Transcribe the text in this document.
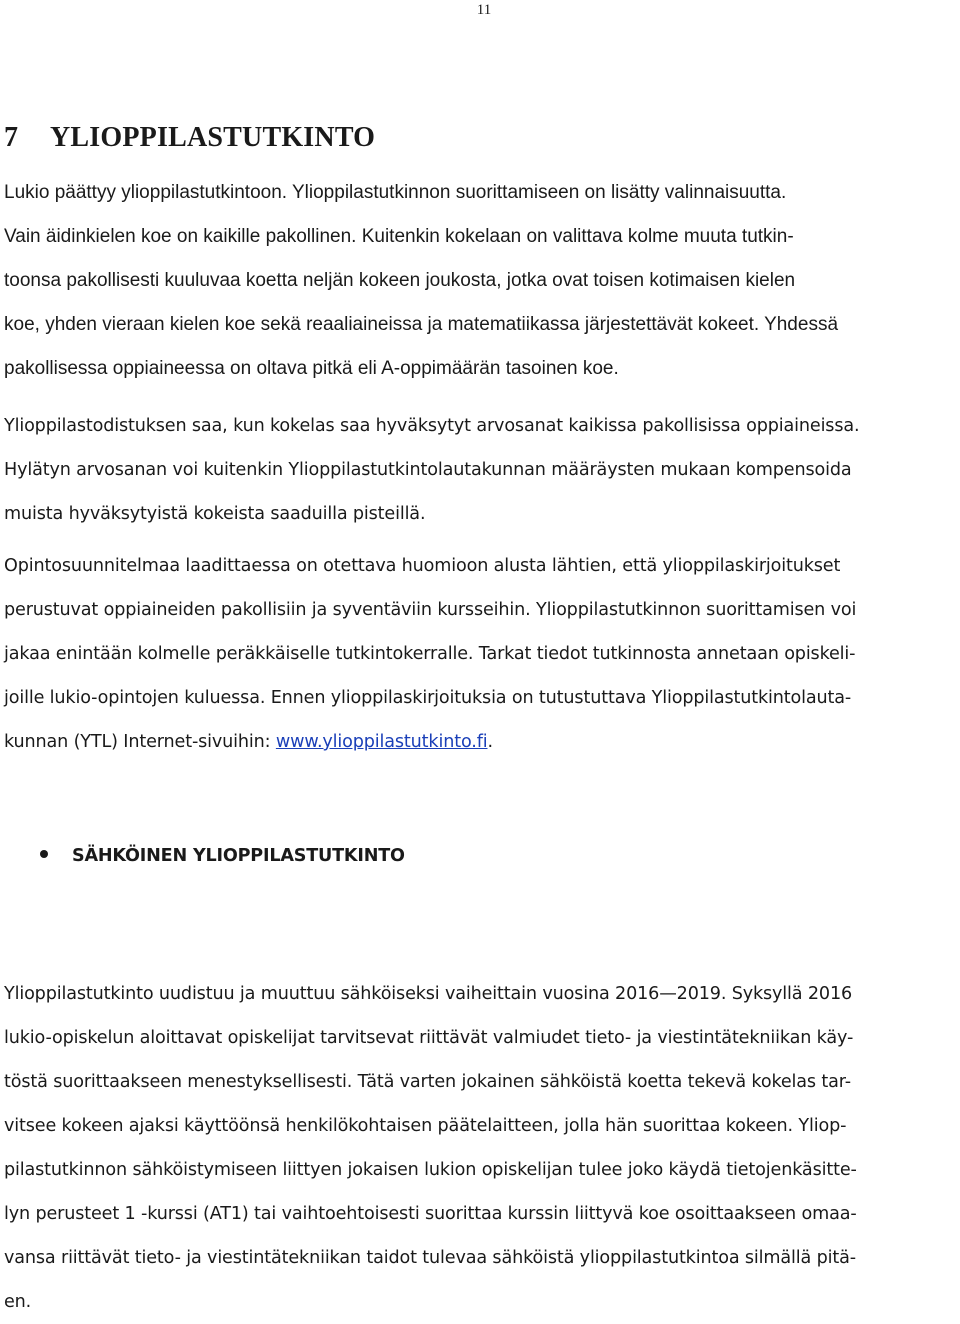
11
7 YLIOPPILASTUTKINTO

Lukio päättyy ylioppilastutkintoon. Ylioppilastutkinnon suorittamiseen on lisätty valinnaisuutta.
Vain äidinkielen koe on kaikille pakollinen. Kuitenkin kokelaan on valittava kolme muuta tutkin-
toonsa pakollisesti kuuluvaa koetta neljän kokeen joukosta, jotka ovat toisen kotimaisen kielen
koe, yhden vieraan kielen koe sekä reaaliaineissa ja matematiikassa järjestettävät kokeet. Yhdessä
pakollisessa oppiaineessa on oltava pitkä eli A-oppimäärän tasoinen koe.

Ylioppilastodistuksen saa, kun kokelas saa hyväksytyt arvosanat kaikissa pakollisissa oppiaineissa.
Hylätyn arvosanan voi kuitenkin Ylioppilastutkintolautakunnan määräysten mukaan kompensoida
muista hyväksytyistä kokeista saaduilla pisteillä.

Opintosuunnitelmaa laadittaessa on otettava huomioon alusta lähtien, että ylioppilaskirjoitukset
perustuvat oppiaineiden pakollisiin ja syventäviin kursseihin. Ylioppilastutkinnon suorittamisen voi
jakaa enintään kolmelle peräkkäiselle tutkintokerralle. Tarkat tiedot tutkinnosta annetaan opiskeli-
joille lukio-opintojen kuluessa. Ennen ylioppilaskirjoituksia on tutustuttava Ylioppilastutkintolauta-
kunnan (YTL) Internet-sivuihin: www.ylioppilastutkinto.fi.

SÄHKÖINEN YLIOPPILASTUTKINTO

Ylioppilastutkinto uudistuu ja muuttuu sähköiseksi vaiheittain vuosina 2016—2019. Syksyllä 2016
lukio-opiskelun aloittavat opiskelijat tarvitsevat riittävät valmiudet tieto- ja viestintätekniikan käy-
töstä suorittaakseen menestyksellisesti. Tätä varten jokainen sähköistä koetta tekevä kokelas tar-
vitsee kokeen ajaksi käyttöönsä henkilökohtaisen päätelaitteen, jolla hän suorittaa kokeen. Yliop-
pilastutkinnon sähköistymiseen liittyen jokaisen lukion opiskelijan tulee joko käydä tietojenkäsitte-
lyn perusteet 1 -kurssi (AT1) tai vaihtoehtoisesti suorittaa kurssin liittyvä koe osoittaakseen omaa-
vansa riittävät tieto- ja viestintätekniikan taidot tulevaa sähköistä ylioppilastutkintoa silmällä pitä-
en.
